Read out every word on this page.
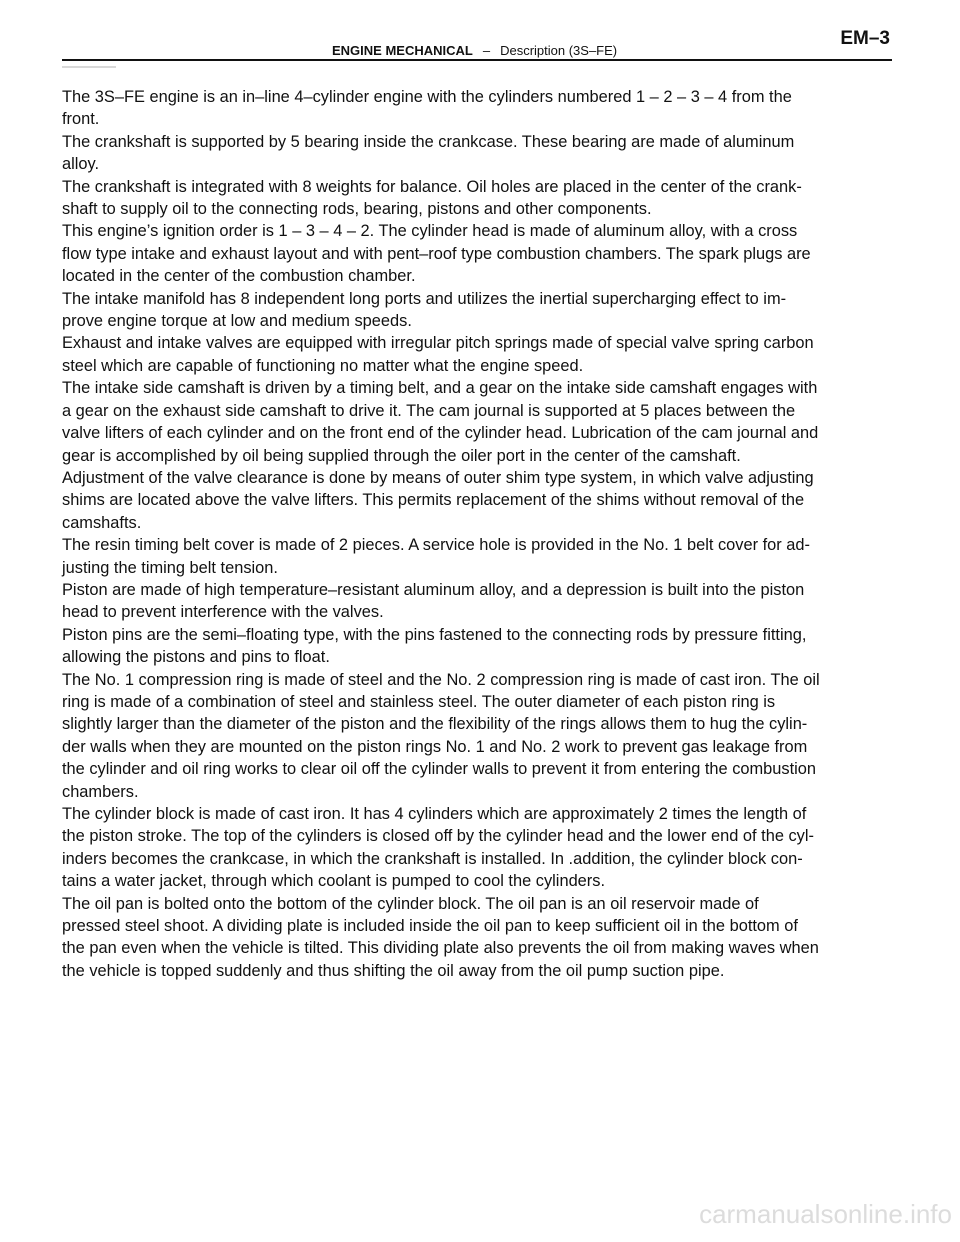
ENGINE MECHANICAL – Description (3S–FE)
EM–3
The 3S–FE engine is an in–line 4–cylinder engine with the cylinders numbered 1 – 2 – 3 – 4 from the
front.
The crankshaft is supported by 5 bearing inside the crankcase. These bearing are made of aluminum
alloy.
The crankshaft is integrated with 8 weights for balance. Oil holes are placed in the center of the crank-
shaft to supply oil to the connecting rods, bearing, pistons and other components.
This engine’s ignition order is 1 – 3 – 4 – 2. The cylinder head is made of aluminum alloy, with a cross
flow type intake and exhaust layout and with pent–roof type combustion chambers. The spark plugs are
located in the center of the combustion chamber.
The intake manifold has 8 independent long ports and utilizes the inertial supercharging effect to im-
prove engine torque at low and medium speeds.
Exhaust and intake valves are equipped with irregular pitch springs made of special valve spring carbon
steel which are capable of functioning no matter what the engine speed.
The intake side camshaft is driven by a timing belt, and a gear on the intake side camshaft engages with
a gear on the exhaust side camshaft to drive it. The cam journal is supported at 5 places between the
valve lifters of each cylinder and on the front end of the cylinder head. Lubrication of the cam journal and
gear is accomplished by oil being supplied through the oiler port in the center of the camshaft.
Adjustment of the valve clearance is done by means of outer shim type system, in which valve adjusting
shims are located above the valve lifters. This permits replacement of the shims without removal of the
camshafts.
The resin timing belt cover is made of 2 pieces. A service hole is provided in the No. 1 belt cover for ad-
justing the timing belt tension.
Piston are made of high temperature–resistant aluminum alloy, and a depression is built into the piston
head to prevent interference with the valves.
Piston pins are the semi–floating type, with the pins fastened to the connecting rods by pressure fitting,
allowing the pistons and pins to float.
The No. 1 compression ring is made of steel and the No. 2 compression ring is made of cast iron. The oil
ring is made of a combination of steel and stainless steel. The outer diameter of each piston ring is
slightly larger than the diameter of the piston and the flexibility of the rings allows them to hug the cylin-
der walls when they are mounted on the piston rings No. 1 and No. 2 work to prevent gas leakage from
the cylinder and oil ring works to clear oil off the cylinder walls to prevent it from entering the combustion
chambers.
The cylinder block is made of cast iron. It has 4 cylinders which are approximately 2 times the length of
the piston stroke. The top of the cylinders is closed off by the cylinder head and the lower end of the cyl-
inders becomes the crankcase, in which the crankshaft is installed. In .addition, the cylinder block con-
tains a water jacket, through which coolant is pumped to cool the cylinders.
The oil pan is bolted onto the bottom of the cylinder block. The oil pan is an oil reservoir made of
pressed steel shoot. A dividing plate is included inside the oil pan to keep sufficient oil in the bottom of
the pan even when the vehicle is tilted. This dividing plate also prevents the oil from making waves when
the vehicle is topped suddenly and thus shifting the oil away from the oil pump suction pipe.
carmanualsonline.info
